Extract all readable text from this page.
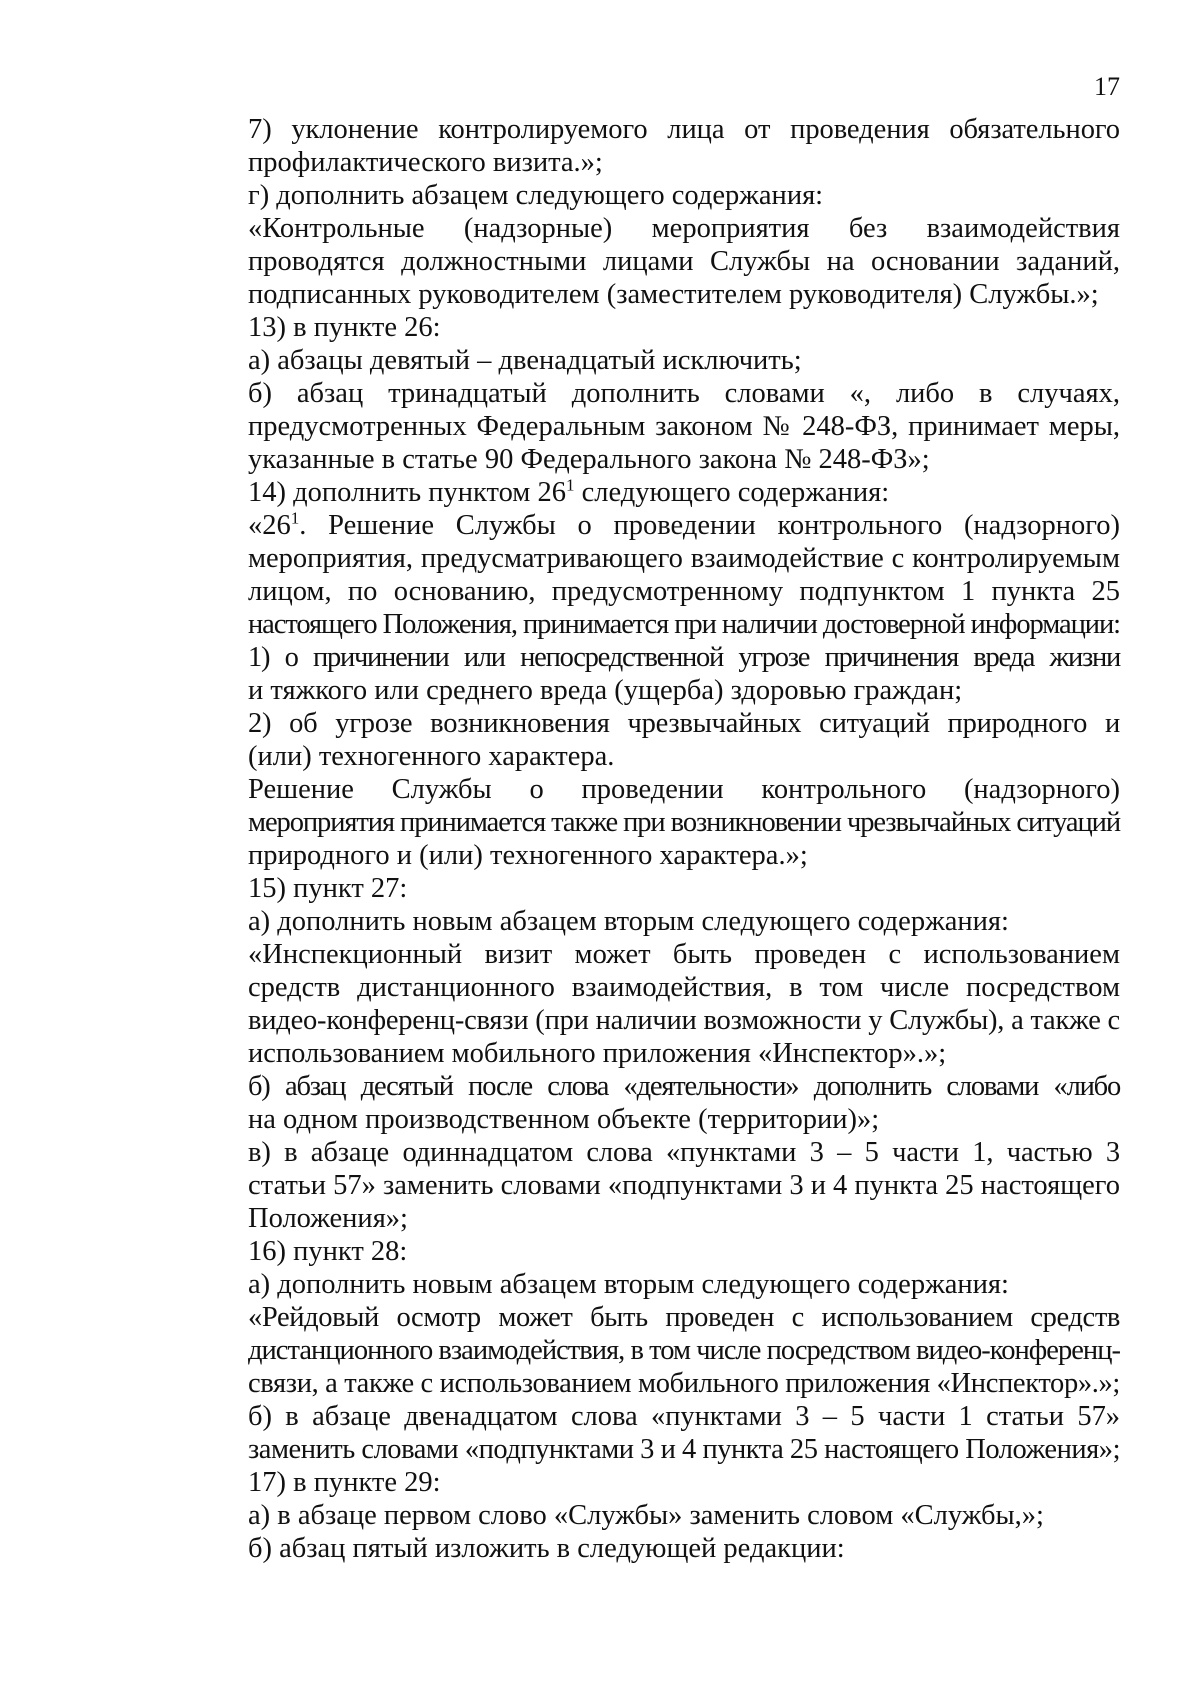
17

7) уклонение контролируемого лица от проведения обязательного
профилактического визита.»;

г) дополнить абзацем следующего содержания:

«Контрольные (надзорные) мероприятия без взаимодействия
проводятся должностными лицами Службы на основании заданий,
подписанных руководителем (заместителем руководителя) Службы.»;

13) в пункте 26:

а) абзацы девятый – двенадцатый исключить;

б) абзац тринадцатый дополнить словами «, либо в случаях,
предусмотренных Федеральным законом № 248-ФЗ, принимает меры,
указанные в статье 90 Федерального закона № 248-ФЗ»;

14) дополнить пунктом $26^1$ следующего содержания:

«$26^1$. Решение Службы о проведении контрольного (надзорного)
мероприятия, предусматривающего взаимодействие с контролируемым
лицом, по основанию, предусмотренному подпунктом 1 пункта 25
настоящего Положения, принимается при наличии достоверной информации:

1) о причинении или непосредственной угрозе причинения вреда жизни
и тяжкого или среднего вреда (ущерба) здоровью граждан;

2) об угрозе возникновения чрезвычайных ситуаций природного и
(или) техногенного характера.

Решение Службы о проведении контрольного (надзорного)
мероприятия принимается также при возникновении чрезвычайных ситуаций
природного и (или) техногенного характера.»;

15) пункт 27:

а) дополнить новым абзацем вторым следующего содержания:

«Инспекционный визит может быть проведен с использованием
средств дистанционного взаимодействия, в том числе посредством
видео-конференц-связи (при наличии возможности у Службы), а также с
использованием мобильного приложения «Инспектор».»;

б) абзац десятый после слова «деятельности» дополнить словами «либо
на одном производственном объекте (территории)»;

в) в абзаце одиннадцатом слова «пунктами 3 – 5 части 1, частью 3
статьи 57» заменить словами «подпунктами 3 и 4 пункта 25 настоящего
Положения»;

16) пункт 28:

а) дополнить новым абзацем вторым следующего содержания:

«Рейдовый осмотр может быть проведен с использованием средств
дистанционного взаимодействия, в том числе посредством видео-конференц-
связи, а также с использованием мобильного приложения «Инспектор».»;

б) в абзаце двенадцатом слова «пунктами 3 – 5 части 1 статьи 57»
заменить словами «подпунктами 3 и 4 пункта 25 настоящего Положения»;

17) в пункте 29:

а) в абзаце первом слово «Службы» заменить словом «Службы,»;

б) абзац пятый изложить в следующей редакции:
